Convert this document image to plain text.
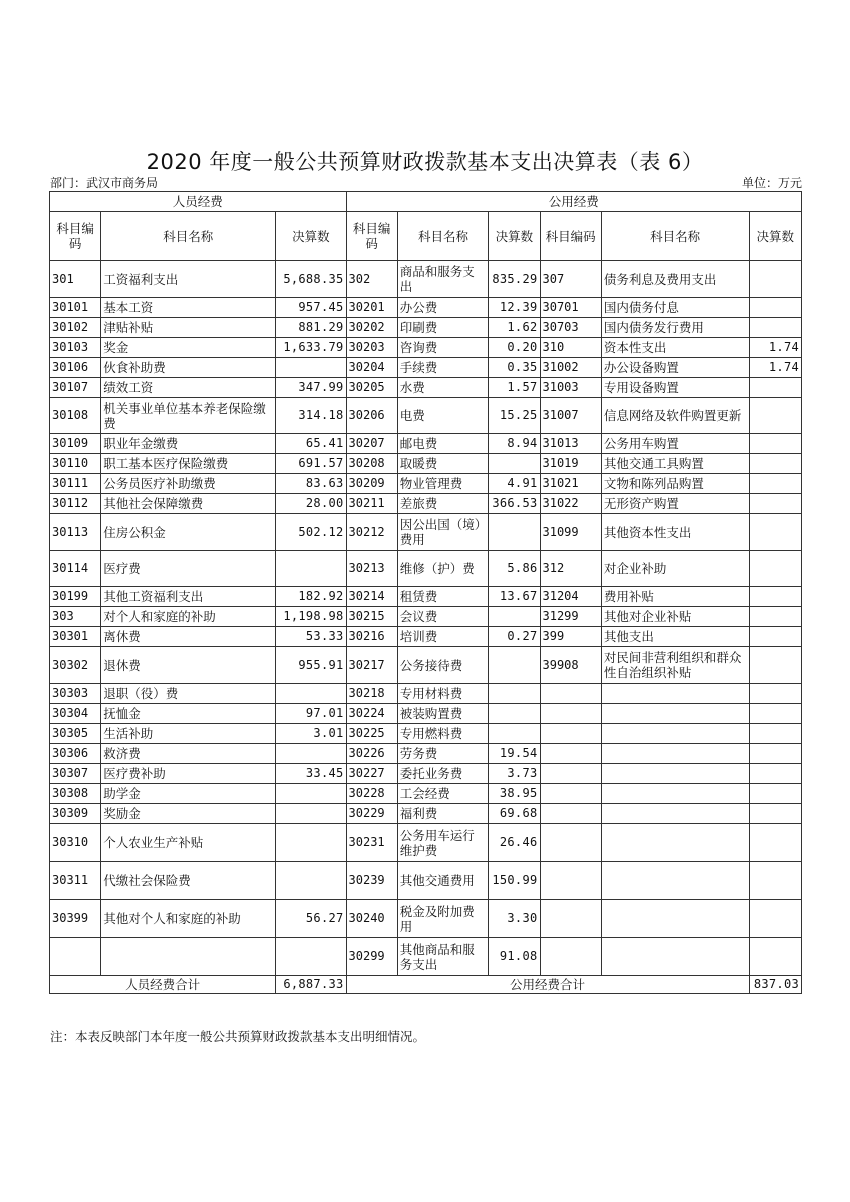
2020 年度一般公共预算财政拨款基本支出决算表（表 6）
部门：武汉市商务局	单位：万元
人员经费			公用经费					
科目编码	科目名称	决算数	科目编码	科目名称	决算数	科目编码	科目名称	决算数
301	工资福利支出	5,688.35	302	商品和服务支出	835.29	307	债务利息及费用支出	
30101	基本工资	957.45	30201	办公费	12.39	30701	国内债务付息	
30102	津贴补贴	881.29	30202	印刷费	1.62	30703	国内债务发行费用	
30103	奖金	1,633.79	30203	咨询费	0.20	310	资本性支出	1.74
30106	伙食补助费		30204	手续费	0.35	31002	办公设备购置	1.74
30107	绩效工资	347.99	30205	水费	1.57	31003	专用设备购置	
30108	机关事业单位基本养老保险缴费	314.18	30206	电费	15.25	31007	信息网络及软件购置更新	
30109	职业年金缴费	65.41	30207	邮电费	8.94	31013	公务用车购置	
30110	职工基本医疗保险缴费	691.57	30208	取暖费		31019	其他交通工具购置	
30111	公务员医疗补助缴费	83.63	30209	物业管理费	4.91	31021	文物和陈列品购置	
30112	其他社会保障缴费	28.00	30211	差旅费	366.53	31022	无形资产购置	
30113	住房公积金	502.12	30212	因公出国（境）费用		31099	其他资本性支出	
30114	医疗费		30213	维修（护）费	5.86	312	对企业补助	
30199	其他工资福利支出	182.92	30214	租赁费	13.67	31204	费用补贴	
303	对个人和家庭的补助	1,198.98	30215	会议费		31299	其他对企业补贴	
30301	离休费	53.33	30216	培训费	0.27	399	其他支出	
30302	退休费	955.91	30217	公务接待费		39908	对民间非营利组织和群众性自治组织补贴	
30303	退职（役）费		30218	专用材料费				
30304	抚恤金	97.01	30224	被装购置费				
30305	生活补助	3.01	30225	专用燃料费				
30306	救济费		30226	劳务费	19.54			
30307	医疗费补助	33.45	30227	委托业务费	3.73			
30308	助学金		30228	工会经费	38.95			
30309	奖励金		30229	福利费	69.68			
30310	个人农业生产补贴		30231	公务用车运行维护费	26.46			
30311	代缴社会保险费		30239	其他交通费用	150.99			
30399	其他对个人和家庭的补助	56.27	30240	税金及附加费用	3.30			
			30299	其他商品和服务支出	91.08			
人员经费合计		6,887.33	公用经费合计					837.03
注：本表反映部门本年度一般公共预算财政拨款基本支出明细情况。
